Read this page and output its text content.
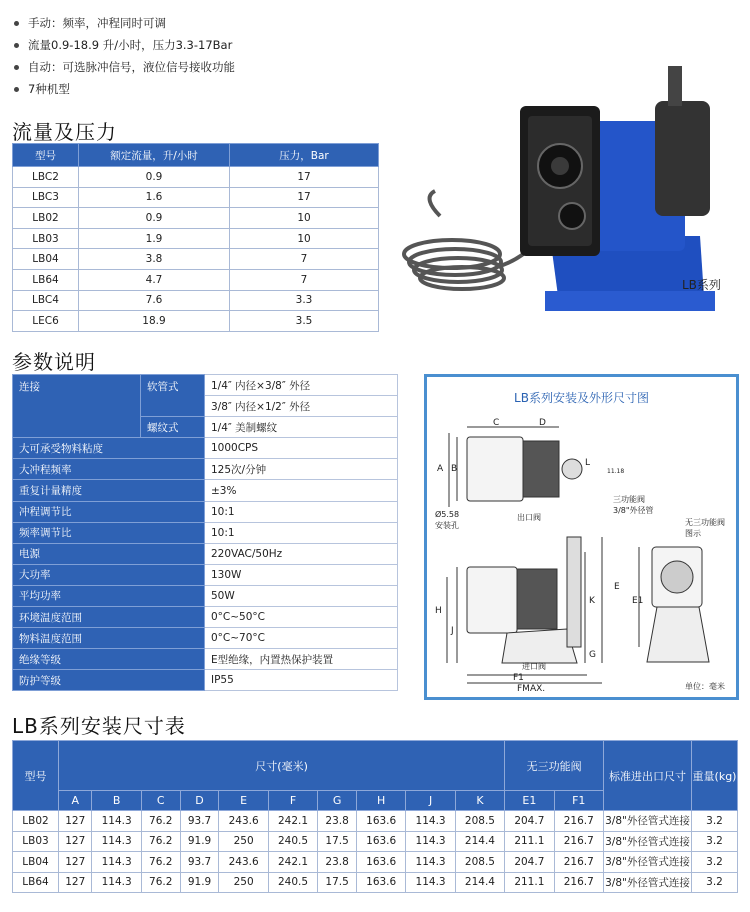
手动：频率，冲程同时可调
流量0.9-18.9 升/小时，压力3.3-17Bar
自动：可选脉冲信号，液位信号接收功能
7种机型
流量及压力
型号	额定流量，升/小时	压力，Bar
LBC2	0.9	17
LBC3	1.6	17
LB02	0.9	10
LB03	1.9	10
LB04	3.8	7
LB64	4.7	7
LBC4	7.6	3.3
LEC6	18.9	3.5
LB系列
参数说明
连接	软管式	1/4″ 内径×3/8″ 外径
		3/8″ 内径×1/2″ 外径
	螺纹式	1/4″ 美制螺纹
大可承受物料粘度		1000CPS
大冲程频率		125次/分钟
重复计量精度		±3%
冲程调节比		10:1
频率调节比		10:1
电源		220VAC/50Hz
大功率		130W
平均功率		50W
环境温度范围		0°C~50°C
物料温度范围		0°C~70°C
绝缘等级		E型绝缘，内置热保护装置
防护等级		IP55
LB系列安装及外形尺寸图
C	D
A B
L
11.18
Ø5.58
安装孔
出口阀
三功能阀
3/8"外径管
无三功能阀
图示
E
E1
K
H
J
G
进口阀
F1
FMAX.	单位：毫米
LB系列安装尺寸表
型号	尺寸(毫米)										无三功能阀		标准进出口尺寸	重量(kg)
	A	B	C	D	E	F	G	H	J	K	E1	F1		
LB02	127	114.3	76.2	93.7	243.6	242.1	23.8	163.6	114.3	208.5	204.7	216.7	3/8"外径管式连接	3.2
LB03	127	114.3	76.2	91.9	250	240.5	17.5	163.6	114.3	214.4	211.1	216.7	3/8"外径管式连接	3.2
LB04	127	114.3	76.2	93.7	243.6	242.1	23.8	163.6	114.3	208.5	204.7	216.7	3/8"外径管式连接	3.2
LB64	127	114.3	76.2	91.9	250	240.5	17.5	163.6	114.3	214.4	211.1	216.7	3/8"外径管式连接	3.2
